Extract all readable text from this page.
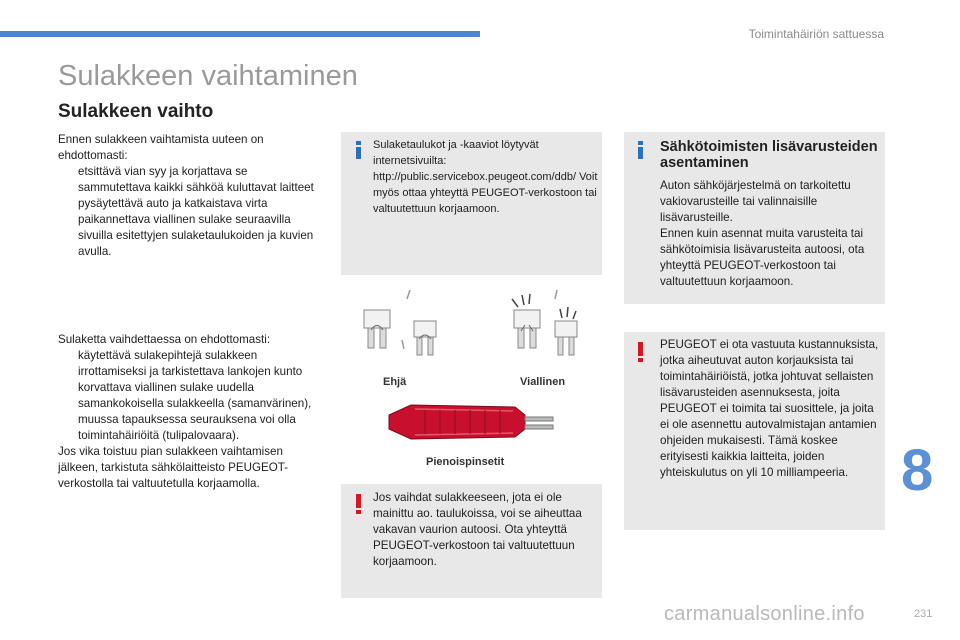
Toimintahäiriön sattuessa
Sulakkeen vaihtaminen
Sulakkeen vaihto

Ennen sulakkeen vaihtamista uuteen on ehdottomasti:

etsittävä vian syy ja korjattava se
sammutettava kaikki sähköä kuluttavat laitteet
pysäytettävä auto ja katkaistava virta
paikannettava viallinen sulake seuraavilla sivuilla esitettyjen sulaketaulukoiden ja kuvien avulla.

Sulaketta vaihdettaessa on ehdottomasti:

käytettävä sulakepihtejä sulakkeen irrottamiseksi ja tarkistettava lankojen kunto
korvattava viallinen sulake uudella samankokoisella sulakkeella (samanvärinen), muussa tapauksessa seurauksena voi olla toimintahäiriöitä (tulipalovaara).

Jos vika toistuu pian sulakkeen vaihtamisen jälkeen, tarkistuta sähkölaitteisto PEUGEOT-verkostolla tai valtuutetulla korjaamolla.

Sulaketaulukot ja -kaaviot löytyvät internetsivuilta: http://public.servicebox.peugeot.com/ddb/ Voit myös ottaa yhteyttä PEUGEOT-verkostoon tai valtuutettuun korjaamoon.
Ehjä	Viallinen
Pienoispinsetit
Jos vaihdat sulakkeeseen, jota ei ole mainittu ao. taulukoissa, voi se aiheuttaa vakavan vaurion autoosi. Ota yhteyttä PEUGEOT-verkostoon tai valtuutettuun korjaamoon.
Sähkötoimisten lisävarusteiden asentaminen

Auton sähköjärjestelmä on tarkoitettu vakiovarusteille tai valinnaisille lisävarusteille.

Ennen kuin asennat muita varusteita tai sähkötoimisia lisävarusteita autoosi, ota yhteyttä PEUGEOT-verkostoon tai valtuutettuun korjaamoon.

PEUGEOT ei ota vastuuta kustannuksista, jotka aiheutuvat auton korjauksista tai toimintahäiriöistä, jotka johtuvat sellaisten lisävarusteiden asennuksesta, joita PEUGEOT ei toimita tai suosittele, ja joita ei ole asennettu autovalmistajan antamien ohjeiden mukaisesti. Tämä koskee erityisesti kaikkia laitteita, joiden yhteiskulutus on yli 10 milliampeeria. 8
231
carmanualsonline.info
